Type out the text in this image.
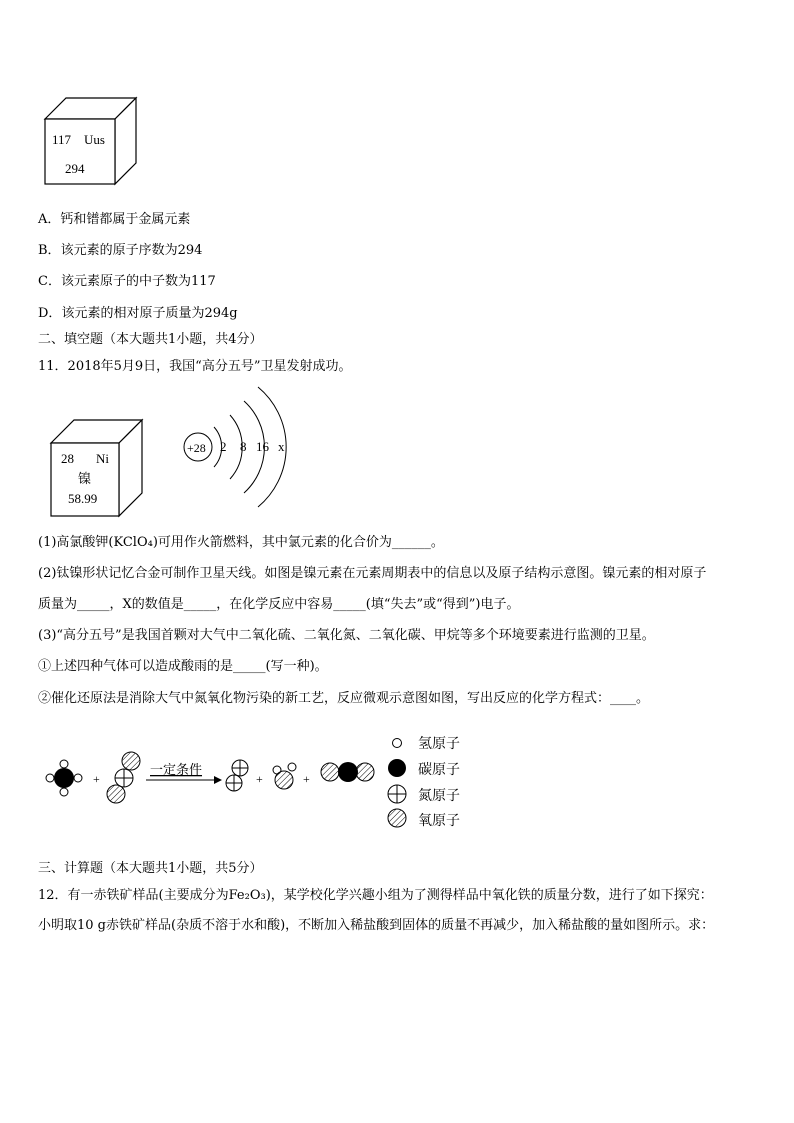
117 Uus
294
A．钙和镨都属于金属元素
B．该元素的原子序数为294
C．该元素原子的中子数为117
D．该元素的相对原子质量为294g
二、填空题（本大题共1小题，共4分）
11．2018年5月9日，我国“高分五号”卫星发射成功。
28 Ni
镍
58.99
+28 2 8 16 x
(1)高氯酸钾(KClO₄)可用作火箭燃料，其中氯元素的化合价为______。
(2)钛镍形状记忆合金可制作卫星天线。如图是镍元素在元素周期表中的信息以及原子结构示意图。镍元素的相对原子
质量为_____，X的数值是_____，在化学反应中容易_____(填“失去”或“得到”)电子。
(3)“高分五号”是我国首颗对大气中二氧化硫、二氧化氮、二氧化碳、甲烷等多个环境要素进行监测的卫星。
①上述四种气体可以造成酸雨的是_____(写一种)。
②催化还原法是消除大气中氮氧化物污染的新工艺，反应微观示意图如图，写出反应的化学方程式：____。
+
一定条件
+	+
氢原子
碳原子
氮原子
氧原子
三、计算题（本大题共1小题，共5分）
12．有一赤铁矿样品(主要成分为Fe₂O₃)，某学校化学兴趣小组为了测得样品中氧化铁的质量分数，进行了如下探究：
小明取10 g赤铁矿样品(杂质不溶于水和酸)，不断加入稀盐酸到固体的质量不再减少，加入稀盐酸的量如图所示。求：
